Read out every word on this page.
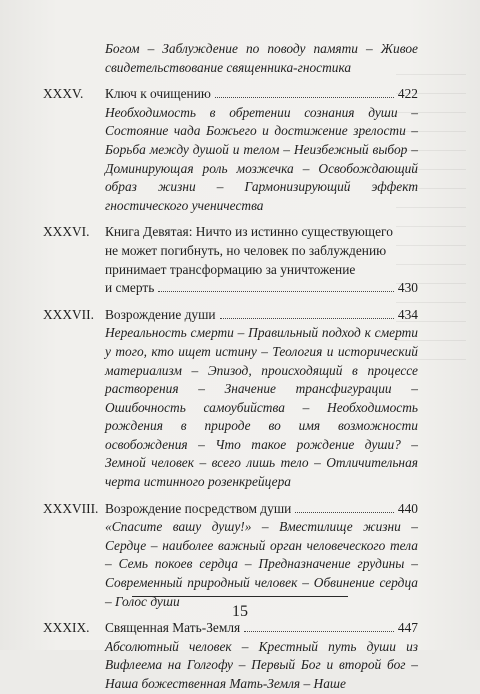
Богом – Заблуждение по поводу памяти – Живое свидетельствование священника-гностика
XXXV.	Ключ к очищению	422
Необходимость в обретении сознания души – Состояние чада Божьего и достижение зрелости – Борьба между душой и телом – Неизбежный выбор – Доминирующая роль мозжечка – Освобождающий образ жизни – Гармонизирующий эффект гностического ученичества
XXXVI.	Книга Девятая: Ничто из истинно существующего
не может погибнуть, но человек по заблуждению
принимает трансформацию за уничтожение
и смерть	430
XXXVII. Возрождение души	434
Нереальность смерти – Правильный подход к смерти у того, кто ищет истину – Теология и исторический материализм – Эпизод, происходящий в процессе растворения – Значение трансфигурации – Ошибочность самоубийства – Необходимость рождения в природе во имя возможности освобождения – Что такое рождение души? – Земной человек – всего лишь тело – Отличительная черта истинного розенкрейцера
XXXVIII. Возрождение посредством души	440
«Спасите вашу душу!» – Вместилище жизни – Сердце – наиболее важный орган человеческого тела – Семь покоев сердца – Предназначение грудины – Современный природный человек – Обвинение сердца – Голос души
XXXIX.	Священная Мать-Земля	447
Абсолютный человек – Крестный путь души из Вифлеема на Голгофу – Первый Бог и второй бог – Наша божественная Мать-Земля – Наше
15
